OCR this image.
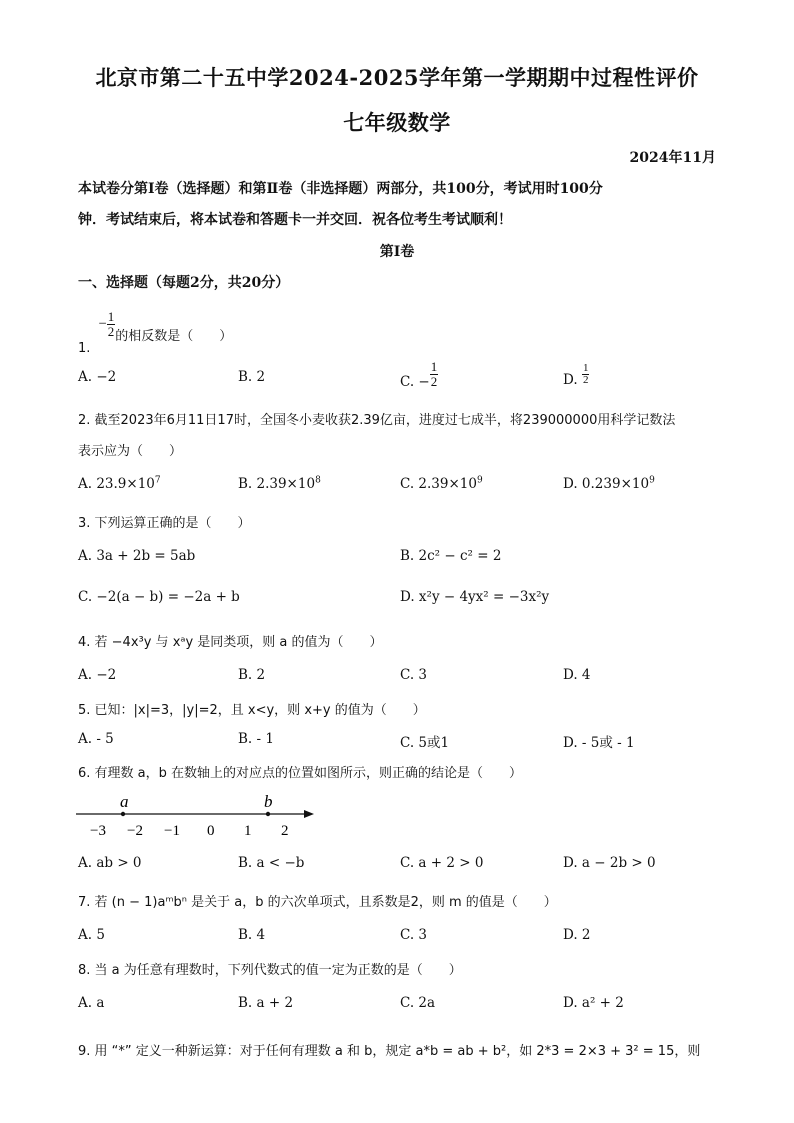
北京市第二十五中学2024-2025学年第一学期期中过程性评价
七年级数学
2024年11月
本试卷分第Ⅰ卷（选择题）和第Ⅱ卷（非选择题）两部分，共100分，考试用时100分
钟．考试结束后，将本试卷和答题卡一并交回．祝各位考生考试顺利！
第Ⅰ卷
一、选择题（每题2分，共20分）
1. − $\frac{1}{2}$ 的相反数是（　　）
A. −2	B. 2	C. − $\frac{1}{2}$	D. $\frac{1}{2}$
2. 截至2023年6月11日17时，全国冬小麦收获2.39亿亩，进度过七成半，将239000000用科学记数法
表示应为（　　）
A. $23.9\times 10^7$	B. $2.39\times 10^8$	C. $2.39\times 10^9$	D. $0.239\times 10^9$
3. 下列运算正确的是（　　）
A. 3a + 2b = 5ab	B. 2c² − c² = 2
C. −2(a − b) = −2a + b	D. x²y − 4yx² = −3x²y
4. 若 −4x³y 与 xᵃy 是同类项，则 a 的值为（　　）
A. −2	B. 2	C. 3	D. 4
5. 已知：|x|=3，|y|=2，且 x<y，则 x+y 的值为（　　）
A. - 5	B. - 1	C. 5或1	D. - 5或 - 1
6. 有理数 a，b 在数轴上的对应点的位置如图所示，则正确的结论是（　　）
a	b
−3 −2 −1 0 1 2
A. ab > 0	B. a < −b	C. a + 2 > 0	D. a − 2b > 0
7. 若 (n − 1)aᵐbⁿ 是关于 a，b 的六次单项式，且系数是2，则 m 的值是（　　）
A. 5	B. 4	C. 3	D. 2
8. 当 a 为任意有理数时，下列代数式的值一定为正数的是（　　）
A. a	B. a + 2	C. 2a	D. a² + 2
9. 用 “*” 定义一种新运算：对于任何有理数 a 和 b，规定 a*b = ab + b²，如 2*3 = 2×3 + 3² = 15，则
